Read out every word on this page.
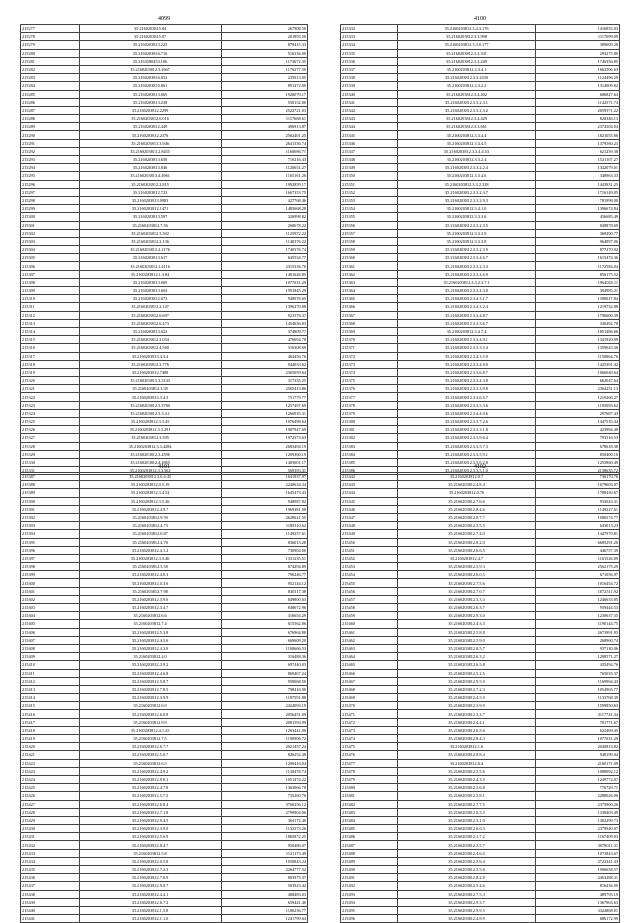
4099
215277	35.2160203815.84	267908.50
215278	35.2160203815.07	201893.50
215279	35.2160203813.225	878415.33
215280	35.2160203816.716	516336.00
215281	35.2163580453.106	1173672.35
215282	35.2160203812.3.2667	1176277.50
215283	35.2160203816.652	235013.05
215284	35.2160203810.861	891472.00
215285	35.2160203813.665	1928079.17
215286	35.2160203813.238	558152.00
215287	35.2160203812.2299	2522721.03
215288	35.2160203812.6.016	1117668.61
215289	35.2160203812.449	496913.87
215290	35.2160203812.2376	2562401.25
215291	35.2160203813.3.946	2641336.74
215292	35.2160203813.2.8455	1160086.71
215293	35.2160203813.658	710216.43
215294	35.2160203813.846	1120651.27
215295	35.2160203813.4.4961	1165161.26
215296	35.2160203812.2.815	1992859.17
215297	35.2160203812.723	1667353.75
215298	35.2160203813.0983	427768.46
215299	35.2160203812.1471	1485668.28
215300	35.2160203813.597	326998.82
215301	35.2160203812.7.56	268678.22
215302	35.2160203812.3.302	1125972.22
215303	35.2160203812.2.136	1140376.22
215304	35.2160203813.2.2176	1740376.74
215305	35.2160203813.617	645534.77
215306	35.2160203812.1.4116	2315336.70
215307	35.2160203812.1.3.84	1401626.85
215308	35.2160203813.069	1077631.29
215309	35.2160203813.604	1591845.29
215310	35.2160203812.673	940076.65
215311	35.2160203812.2.147	1396270.08
215312	35.2160203812.6.697	921576.37
215313	35.2160203812.6.473	1454636.83
215314	35.2160203813.623	374809.77
215315	35.2160203812.2.034	476694.78
215316	35.2160203812.4.560	316308.69
215317	35.2160203813.4.3.4	464456.76
215318	35.2160203812.2.776	944033.62
215319	35.2160203812.7488	2365059.64
215320	35.2160203813.3.3143	317335.25
215321	35.2160203812.3.39	2565413.86
215322	35.2160203813.3.4.3	751779.77
215323	35.2160203812.3.3780	1257497.69
215324	35.2160203812.3.3.4.1	1266935.31
215325	35.2160203812.3.3.45	1076498.64
215326	35.2160203812.3.3.291	1907947.69
215327	35.2160203812.3.395	1972373.63
215328	35.2160203812.3.3.4284	2683494.19
215329	35.2160203812.3.4596	1209360.19
215330	35.2160203812.4.2865	1405601.17
215331	35.2160203812.3.3.362	569393.31
4100
215332	35.2160203812.3.4.3.176	1416855.03
215333	35.2160203812.3.3.998	1117099.09
215334	35.2160203812.3.3.0.177	389609.28
215335	35.2160203812.3.3.331	293275.80
215336	35.2160203812.3.3.249	1746356.85
215337	35.2160203812.3.3.4.1	1662506.63
215338	35.2160203812.3.3.2330	1124496.29
215339	35.2160203812.3.3.2.2	1314009.82
215340	35.2160203812.3.4.402	686827.64
215341	35.2160203812.3.3.2.3.1	1142571.74
215342	35.2160203812.3.3.2.3.2	2059571.22
215343	35.2160203812.3.4.429	820346.13
215344	35.2160203812.3.3.661	2374504.04
215345	35.2160203812.3.3.4.4	1821055.86
215346	35.2160203812.3.3.4.5	1379560.23
215347	35.2160203812.3.3.4.4.53	621259.38
215348	35.2160203812.3.3.2.4	1521107.27
215349	35.2160203812.3.3.2.2.4	1342079.01
215350	35.2160203812.3.3.4.6	348963.33
215351	35.2160203812.3.3.2.328	1443931.25
215352	35.2160203812.3.3.2.3.7	1716149.05
215353	35.2160203812.3.3.2.9.3	781998.00
215354	35.2160203812.3.4.1.0	1396674.84
215355	35.2160203812.3.3.3.6	456685.49
215356	35.2160203812.3.3.2.3.5	849878.69
215357	35.2160203812.3.3.3.9	368490.77
215358	35.2160203812.3.3.3.8	964897.06
215359	35.2160203812.3.3.2.3.9	877270.92
215360	35.2160203812.3.3.4.6.7	1615474.36
215361	35.2160203812.3.3.2.3.3	1172584.04
215362	35.2160203812.3.3.4.6.9	856175.52
215363	35.2160203812.3.3.2.3.7.1	1964045.11
215364	35.2160203812.3.3.4.3.0	394985.21
215365	35.2160203812.3.4.3.1.7	1398017.84
215366	35.2160203812.3.4.3.2.4	1219732.88
215367	35.2160203812.3.3.4.8.7	1796600.39
215368	35.2160203812.3.3.3.6.7	330492.78
215369	35.2160203812.3.4.7.4	1851486.66
215370	35.2160203812.3.3.4.9.1	1341920.99
215371	35.2160203812.3.3.3.5.4	1359643.30
215372	35.2160203812.3.4.3.5.9	1150864.76
215373	35.2160203812.3.3.4.8.0	1425391.42
215374	35.2160203812.3.3.6.8.7	1066049.64
215375	35.2160203812.3.3.4.3.8	662047.64
215376	35.2160203812.3.3.3.9.8	2304251.13
215377	35.2160203812.3.3.6.5.7	1210466.27
215378	35.2160203812.3.3.5.3.6	1195093.62
215379	35.2160203812.3.4.4.0.6	297687.43
215380	35.2160203812.3.3.7.2.6	1447535.44
215381	35.2160203812.3.3.3.1.8	423984.48
215382	35.2160203812.3.3.9.6.4	793316.53
215383	35.2160203812.3.3.5.7.3	678618.38
215384	35.2160203812.3.3.5.9.1	850400.16
215385	35.2160203812.3.3.6.2.8	1255860.49
215386	35.2160203812.3.3.5.1.0	2138635.72
4101
215387	35.2160203812.3.0.4.45	1641937.97
215388	35.2160203812.0.5.19	2240634.34
215389	35.2160203812.3.4.54	1645473.43
215390	35.2160203812.3.5.26	948087.82
215391	35.2160203812.4.9.7	1969381.98
215392	35.2160203812.9.59	2628621.55
215393	35.2160203812.4.73	1188110.62
215394	35.2160203812.6.87	1149257.61
215395	35.2160203812.4.78	836013.28
215396	35.2160203812.4.1.2	730904.00
215397	35.2160203812.3.3.46	1331235.51
215398	35.2160203812.5.58	674294.89
215399	35.2160203812.4.0.3	796246.77
215400	35.2160203812.0.3.6	952144.12
215401	35.2160203812.7.98	830117.38
215402	35.2160203812.3.9.6	849800.63
215403	35.2160203812.3.4.7	848672.96
215404	35.2160203812.6.6	316654.29
215405	35.2160203812.7.4	615562.86
215406	35.2160203812.5.3.8	676964.88
215407	35.2160203812.4.5.6	669609.20
215408	35.2160203812.4.3.9	1100666.53
215409	35.2160203812.4.0	316488.36
215410	35.2160203812.3.9.2	697440.03
215411	35.2160203812.4.6.8	869467.24
215412	35.2160203812.5.8.7	958068.50
215413	35.2160203812.7.8.5	798416.90
215414	35.2160203812.3.9.9	1187591.88
215415	35.2160203812.6.9	2424093.19
215416	35.2160203812.6.8.8	2056451.09
215417	35.2160203812.9.9	2081593.99
215418	35.2160203812.4.1.25	1263441.06
215419	35.2160203812.7.5	1190906.72
215420	35.2160203812.6.7.7	2021457.24
215421	35.2160203812.5.0.7	826252.48
215422	35.2160203812.6.5	1209416.04
215423	35.2160203812.4.9.2	1130478.74
215424	35.2160203812.9.8.1	1051474.22
215425	35.2160203812.4.7.8	1363066.78
215426	35.2160203812.5.7.3	735260.76
215427	35.2160203812.6.8.4	3760256.12
215428	35.2160203812.7.1.8	2799904.06
215429	35.2160203812.9.4.5	364172.40
215430	35.2160203812.3.9.0	1152373.26
215431	35.2160203812.5.6.9	1865872.25
215432	35.2160203812.8.4.7	950486.07
215433	35.2160203812.5.8	1121173.49
215434	35.2160203812.0.5.8	1050843.24
215435	35.2160203812.7.2.3	2264777.52
215436	35.2160203812.7.8.9	803975.37
215437	35.2160203812.9.0.7	503923.42
215438	35.2160203812.4.4.1	408483.03
215439	35.2160203812.6.7.2	659441.40
215440	35.2160203812.1.5.8	1180236.77
215441	35.2160203812.1.1.6	1241799.64
4102
215442	35.2160203812.0.7	736170.76
215443	35.2160203812.4.8.4	1679603.07
215444	35.2160203812.0.76	1788430.67
215445	35.2160203812.7.6.6	933043.31
215446	35.2160203812.8.4.6	1149227.61
215447	35.2160203812.0.7.7	1006574.77
215448	35.2160203812.5.5.5	643013.23
215449	35.2160203812.7.4.0	1447970.81
215450	35.2160203812.8.2.0	6685291.26
215451	35.2160203812.6.6.5	446757.39
215452	35.2160203812.4.7	1161526.09
215453	35.2160203812.5.9.3	2562175.29
215454	35.2160203812.6.0.5	671056.97
215455	35.2160203812.7.5.6	1016454.72
215456	35.2160203812.7.0.7	1072511.92
215457	35.2160203812.5.3.3	1246633.05
215458	35.2160203812.6.3.7	959444.53
215459	35.2160203812.9.3.0	1230637.35
215460	35.2160203812.4.3.3	1190144.75
215461	35.2160203812.5.8.8	2673991.93
215462	35.2160203812.5.9.0	268960.74
215463	35.2160203812.8.5.7	937130.06
215464	35.2160203812.6.3.2	1298571.27
215465	35.2160203812.6.5.8	435494.76
215466	35.2160203812.5.2.5	765035.37
215467	35.2160203812.9.5.9	1169964.43
215468	35.2160203812.7.2.3	1054965.77
215469	35.2160203812.4.5.9	1133768.39
215470	35.2160203812.3.9.9	1599850.63
215471	35.2160203812.3.3.7	3117741.34
215472	35.2160203812.4.4.1	781771.67
215473	35.2160203812.6.5.6	622469.45
215474	35.2160203812.8.4.3	1077631.29
215475	35.2160203812.1.6	2040813.82
215476	35.2160203812.9.8.4	948199.04
215477	35.2160203812.6.4	2160171.09
215478	35.2160203812.5.5.6	1088092.12
215479	35.2160203812.4.3.5	1249772.07
215480	35.2160203812.5.6.8	776729.71
215481	35.2160203812.5.8.1	2288026.00
215482	35.2160203812.7.7.5	2375900.26
215483	35.2160203812.6.5.3	1338403.49
215484	35.2160203812.3.1.0	1302299.73
215485	35.2160203812.6.6.3	2379940.07
215486	35.2160203812.1.7.2	1167409.03
215487	35.2160203812.3.5.7	3078011.31
215488	35.2160203812.4.6.0	1073843.67
215489	35.2160203812.5.6.4	2723341.43
215490	35.2160203812.5.5.8	1906658.57
215491	35.2160203812.8.2.8	2463288.31
215492	35.2160203812.5.4.6	816436.00
215493	35.2160203812.7.5.3	489793.19
215494	35.2160203812.9.3.7	1367963.63
215495	35.2160203812.9.9.5	3324868.01
215496	35.2160203812.4.8.9	686172.99
